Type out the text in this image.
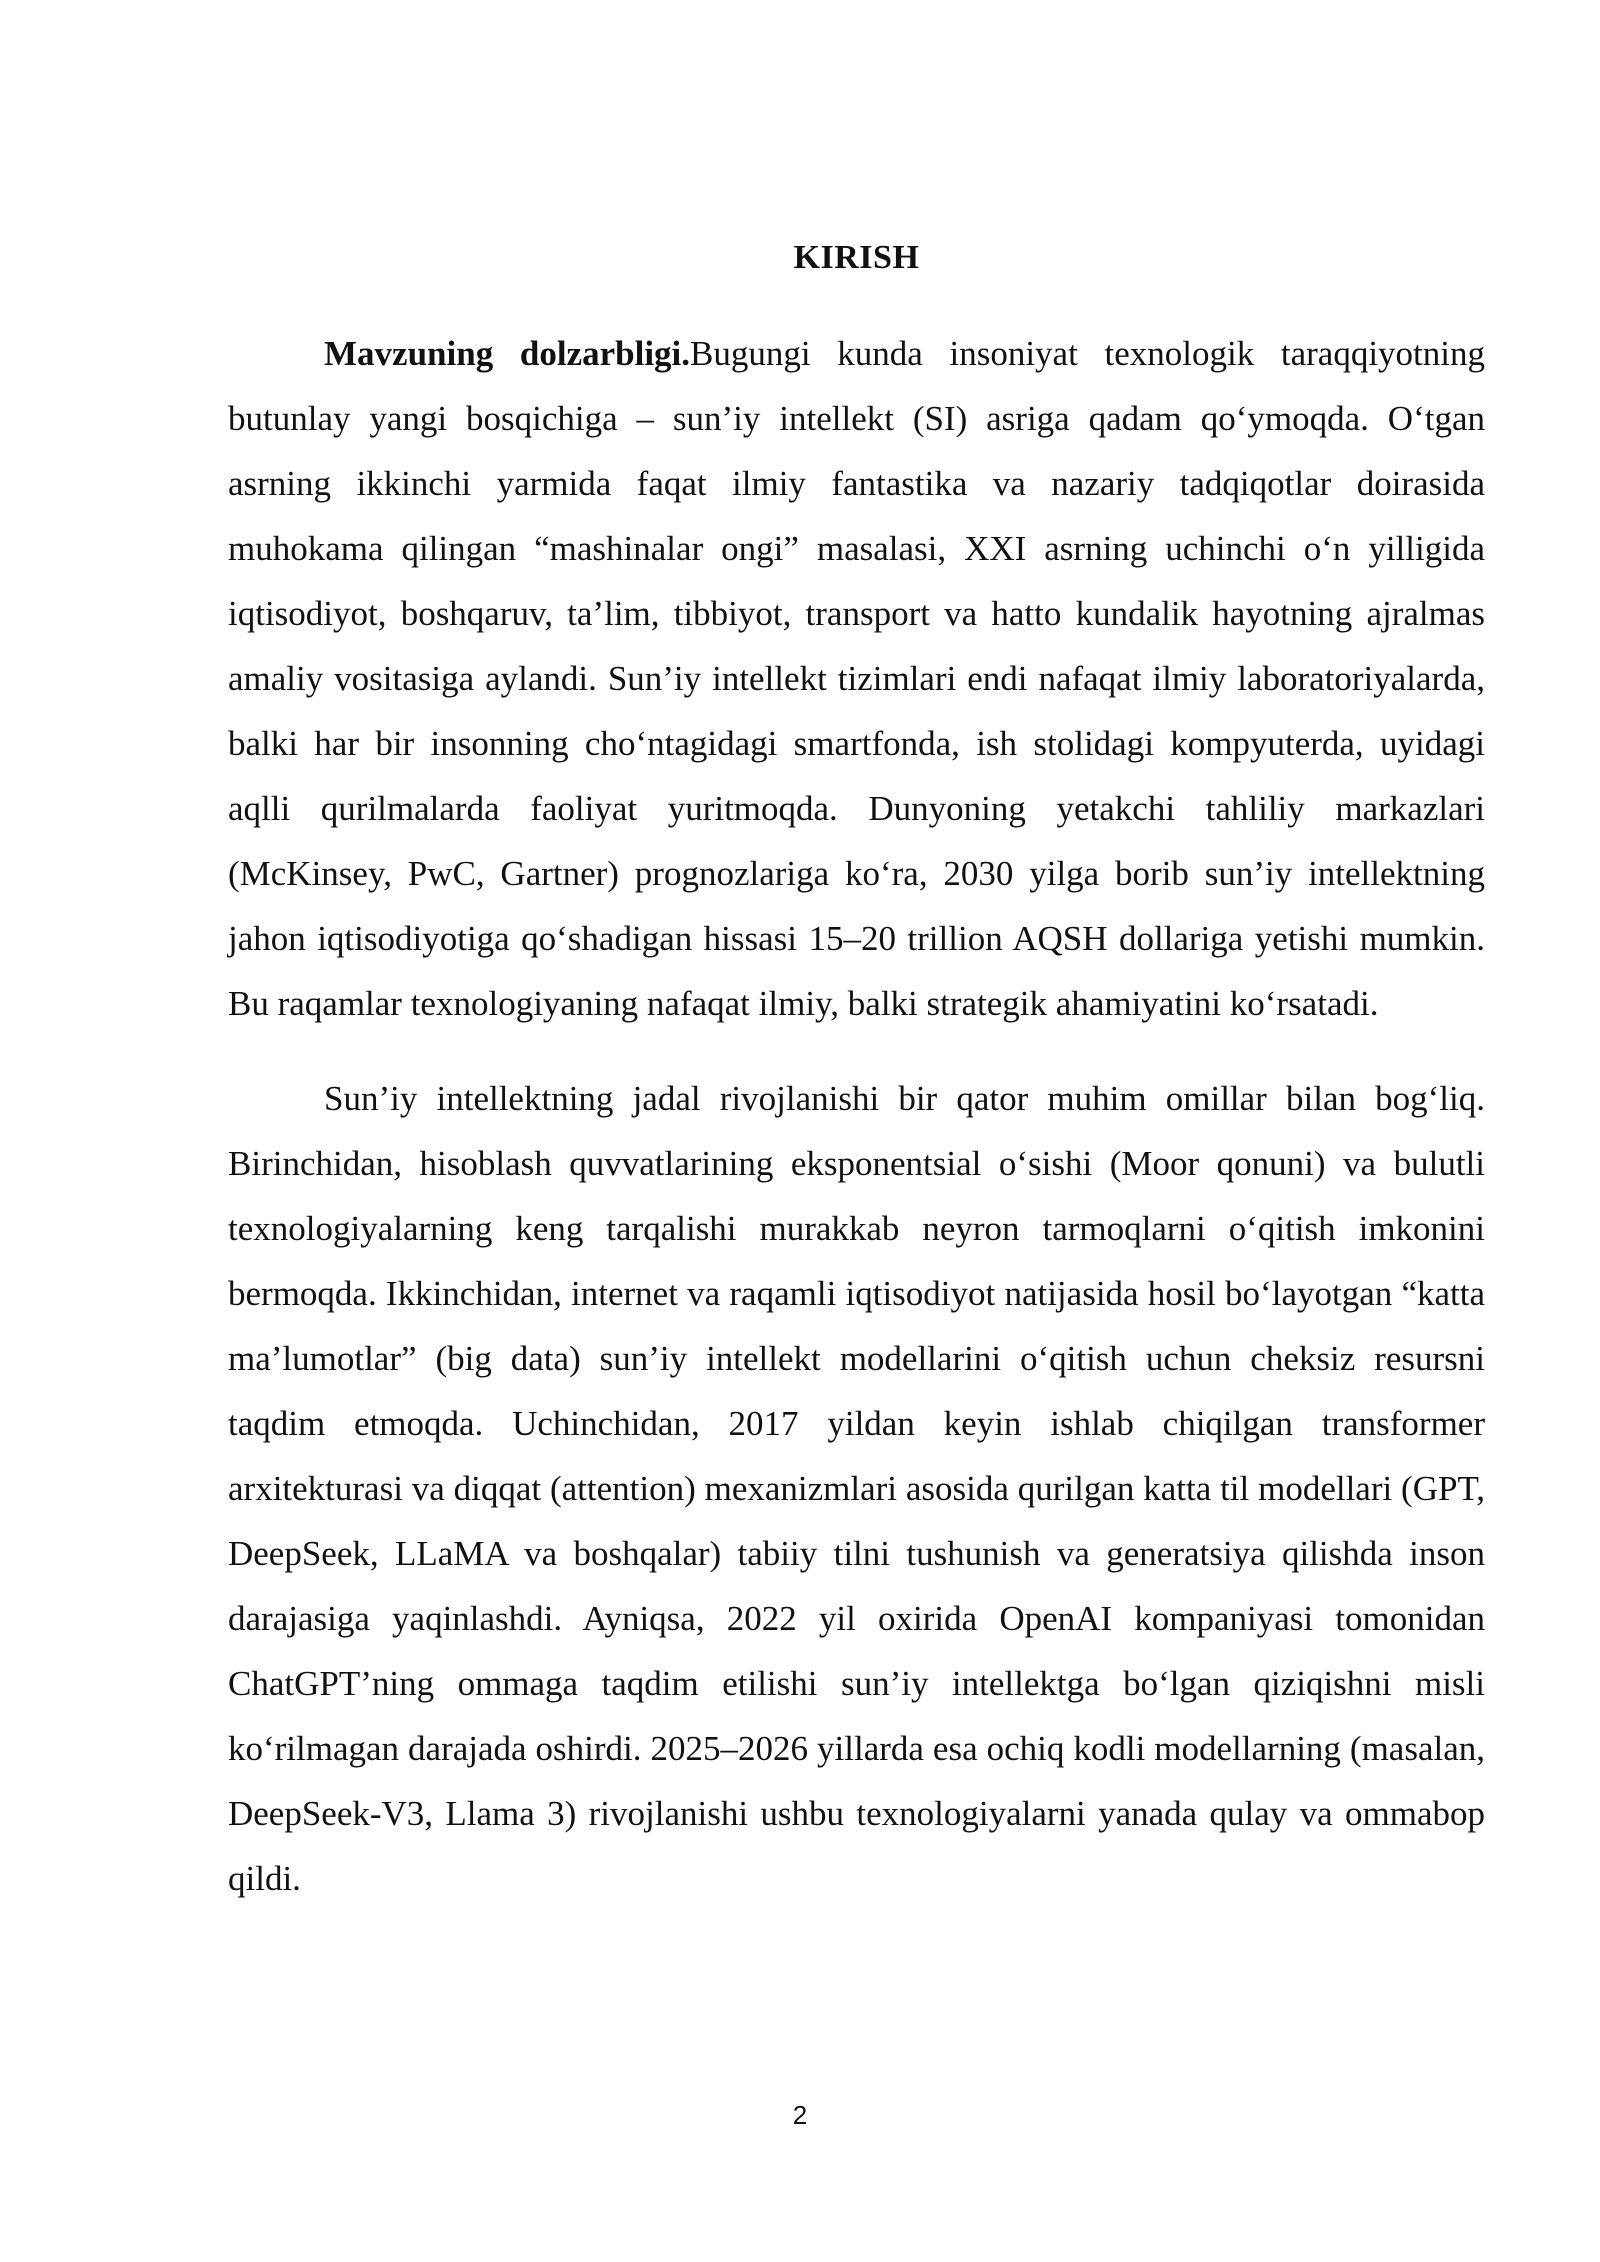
KIRISH

Mavzuning dolzarbligi.Bugungi kunda insoniyat texnologik taraqqiyotning butunlay yangi bosqichiga – sun’iy intellekt (SI) asriga qadam qo‘ymoqda. O‘tgan asrning ikkinchi yarmida faqat ilmiy fantastika va nazariy tadqiqotlar doirasida muhokama qilingan “mashinalar ongi” masalasi, XXI asrning uchinchi o‘n yilligida iqtisodiyot, boshqaruv, ta’lim, tibbiyot, transport va hatto kundalik hayotning ajralmas amaliy vositasiga aylandi. Sun’iy intellekt tizimlari endi nafaqat ilmiy laboratoriyalarda, balki har bir insonning cho‘ntagidagi smartfonda, ish stolidagi kompyuterda, uyidagi aqlli qurilmalarda faoliyat yuritmoqda. Dunyoning yetakchi tahliliy markazlari (McKinsey, PwC, Gartner) prognozlariga ko‘ra, 2030 yilga borib sun’iy intellektning jahon iqtisodiyotiga qo‘shadigan hissasi 15–20 trillion AQSH dollariga yetishi mumkin. Bu raqamlar texnologiyaning nafaqat ilmiy, balki strategik ahamiyatini ko‘rsatadi.

Sun’iy intellektning jadal rivojlanishi bir qator muhim omillar bilan bog‘liq. Birinchidan, hisoblash quvvatlarining eksponentsial o‘sishi (Moor qonuni) va bulutli texnologiyalarning keng tarqalishi murakkab neyron tarmoqlarni o‘qitish imkonini bermoqda. Ikkinchidan, internet va raqamli iqtisodiyot natijasida hosil bo‘layotgan “katta ma’lumotlar” (big data) sun’iy intellekt modellarini o‘qitish uchun cheksiz resursni taqdim etmoqda. Uchinchidan, 2017 yildan keyin ishlab chiqilgan transformer arxitekturasi va diqqat (attention) mexanizmlari asosida qurilgan katta til modellari (GPT, DeepSeek, LLaMA va boshqalar) tabiiy tilni tushunish va generatsiya qilishda inson darajasiga yaqinlashdi. Ayniqsa, 2022 yil oxirida OpenAI kompaniyasi tomonidan ChatGPT’ning ommaga taqdim etilishi sun’iy intellektga bo‘lgan qiziqishni misli ko‘rilmagan darajada oshirdi. 2025–2026 yillarda esa ochiq kodli modellarning (masalan, DeepSeek-V3, Llama 3) rivojlanishi ushbu texnologiyalarni yanada qulay va ommabop qildi.

2
